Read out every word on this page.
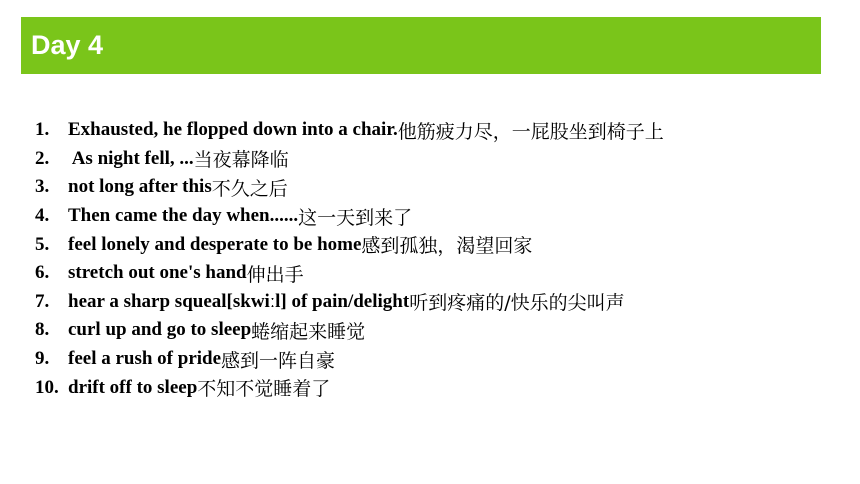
Day 4
1. Exhausted, he flopped down into a chair. 他筋疲力尽，一屁股坐到椅子上
2. As night fell, ... 当夜幕降临
3. not long after this 不久之后
4. Then came the day when...... 这一天到来了
5. feel lonely and desperate to be home 感到孤独，渴望回家
6. stretch out one's hand 伸出手
7. hear a sharp squeal[skwiːl] of pain/delight 听到疼痛的/快乐的尖叫声
8. curl up and go to sleep 蜷缩起来睡觉
9. feel a rush of pride 感到一阵自豪
10. drift off to sleep 不知不觉睡着了
